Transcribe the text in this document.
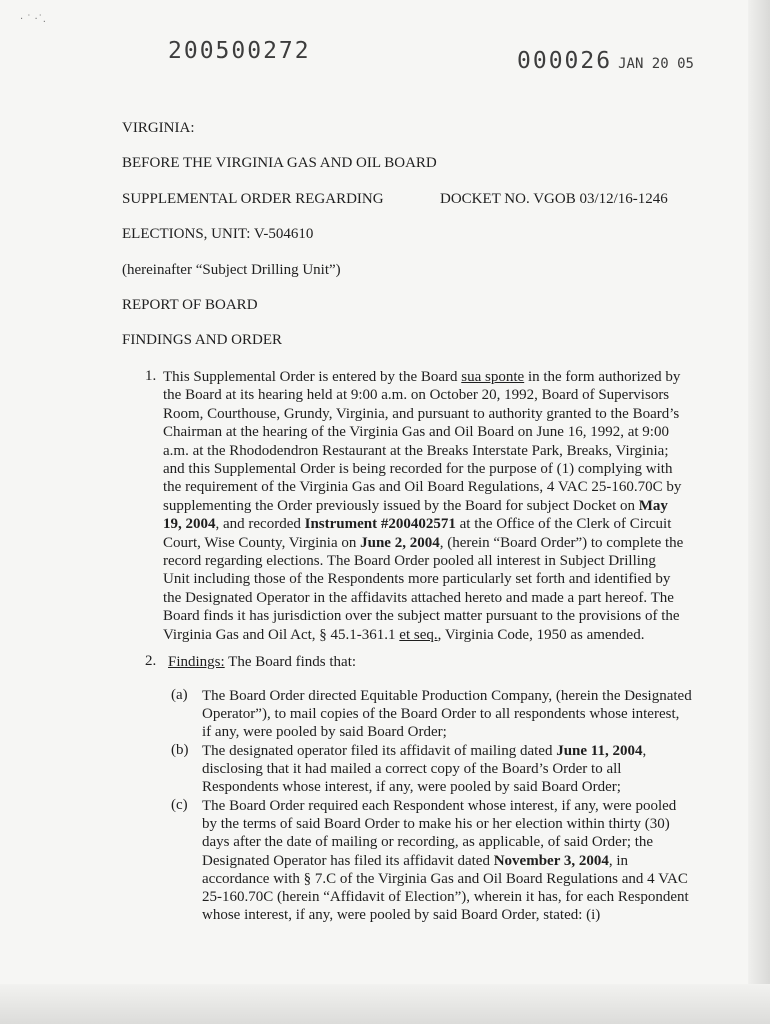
· ˙ ·˙.
200500272	000026 JAN 20 05
VIRGINIA:
BEFORE THE VIRGINIA GAS AND OIL BOARD
SUPPLEMENTAL ORDER REGARDING	DOCKET NO. VGOB 03/12/16-1246
ELECTIONS, UNIT: V-504610
(hereinafter “Subject Drilling Unit”)
REPORT OF BOARD
FINDINGS AND ORDER
1. This Supplemental Order is entered by the Board sua sponte in the form authorized by the Board at its hearing held at 9:00 a.m. on October 20, 1992, Board of Supervisors Room, Courthouse, Grundy, Virginia, and pursuant to authority granted to the Board’s Chairman at the hearing of the Virginia Gas and Oil Board on June 16, 1992, at 9:00 a.m. at the Rhododendron Restaurant at the Breaks Interstate Park, Breaks, Virginia; and this Supplemental Order is being recorded for the purpose of (1) complying with the requirement of the Virginia Gas and Oil Board Regulations, 4 VAC 25-160.70C by supplementing the Order previously issued by the Board for subject Docket on May 19, 2004, and recorded Instrument #200402571 at the Office of the Clerk of Circuit Court, Wise County, Virginia on June 2, 2004, (herein “Board Order”) to complete the record regarding elections. The Board Order pooled all interest in Subject Drilling Unit including those of the Respondents more particularly set forth and identified by the Designated Operator in the affidavits attached hereto and made a part hereof. The Board finds it has jurisdiction over the subject matter pursuant to the provisions of the Virginia Gas and Oil Act, § 45.1-361.1 et seq., Virginia Code, 1950 as amended.
2. Findings: The Board finds that:
(a) The Board Order directed Equitable Production Company, (herein the Designated Operator”), to mail copies of the Board Order to all respondents whose interest, if any, were pooled by said Board Order;
(b) The designated operator filed its affidavit of mailing dated June 11, 2004, disclosing that it had mailed a correct copy of the Board’s Order to all Respondents whose interest, if any, were pooled by said Board Order;
(c) The Board Order required each Respondent whose interest, if any, were pooled by the terms of said Board Order to make his or her election within thirty (30) days after the date of mailing or recording, as applicable, of said Order; the Designated Operator has filed its affidavit dated November 3, 2004, in accordance with § 7.C of the Virginia Gas and Oil Board Regulations and 4 VAC 25-160.70C (herein “Affidavit of Election”), wherein it has, for each Respondent whose interest, if any, were pooled by said Board Order, stated: (i)
